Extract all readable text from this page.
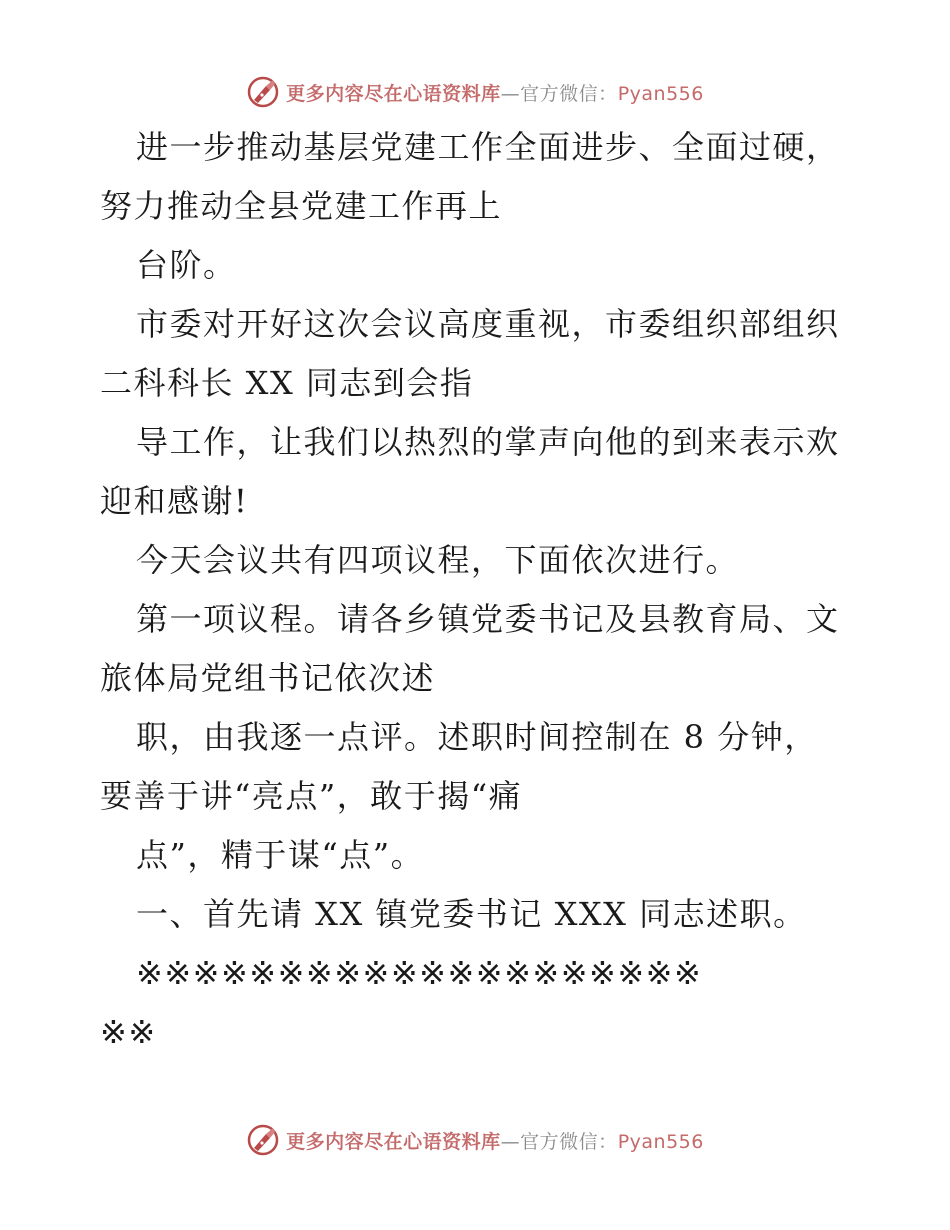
更多内容尽在心语资料库—官方微信：Pyan556
进一步推动基层党建工作全面进步、全面过硬，
努力推动全县党建工作再上
台阶。
市委对开好这次会议高度重视，市委组织部组织
二科科长 XX 同志到会指
导工作，让我们以热烈的掌声向他的到来表示欢
迎和感谢!
今天会议共有四项议程，下面依次进行。
第一项议程。请各乡镇党委书记及县教育局、文
旅体局党组书记依次述
职，由我逐一点评。述职时间控制在 8 分钟，
要善于讲“亮点”，敢于揭“痛
点”，精于谋“点”。
一、首先请 XX 镇党委书记 XXX 同志述职。
※※※※※※※※※※※※※※※※※※※※
※※
更多内容尽在心语资料库—官方微信：Pyan556
